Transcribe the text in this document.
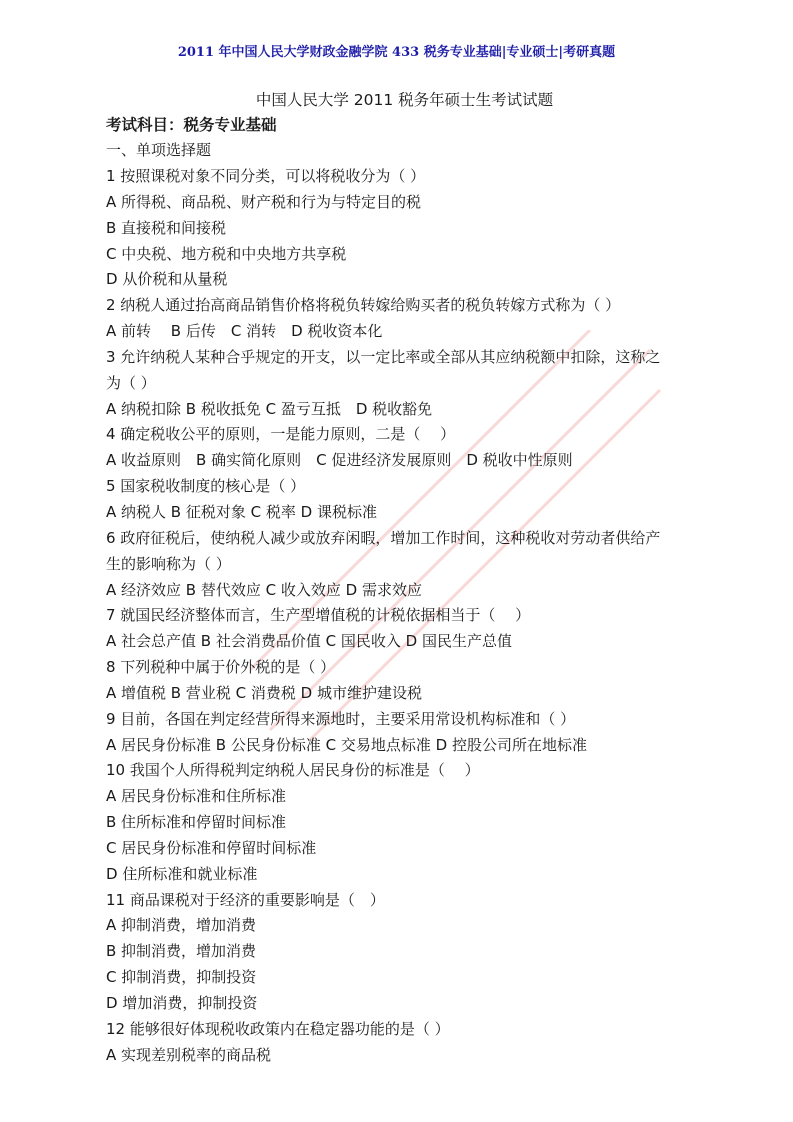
2011 年中国人民大学财政金融学院 433 税务专业基础|专业硕士|考研真题
中国人民大学 2011 税务年硕士生考试试题
考试科目：税务专业基础
一、单项选择题
1 按照课税对象不同分类，可以将税收分为（ ）
A 所得税、商品税、财产税和行为与特定目的税
B 直接税和间接税
C 中央税、地方税和中央地方共享税
D 从价税和从量税
2 纳税人通过抬高商品销售价格将税负转嫁给购买者的税负转嫁方式称为（ ）
A 前转　 B 后传　C 消转　D 税收资本化
3 允许纳税人某种合乎规定的开支，以一定比率或全部从其应纳税额中扣除，这称之
为（ ）
A 纳税扣除 B 税收抵免 C 盈亏互抵　D 税收豁免
4 确定税收公平的原则，一是能力原则，二是（　 ）
A 收益原则　B 确实简化原则　C 促进经济发展原则　D 税收中性原则
5 国家税收制度的核心是（ ）
A 纳税人 B 征税对象 C 税率 D 课税标准
6 政府征税后，使纳税人减少或放弃闲暇，增加工作时间，这种税收对劳动者供给产
生的影响称为（ ）
A 经济效应 B 替代效应 C 收入效应 D 需求效应
7 就国民经济整体而言，生产型增值税的计税依据相当于（　 ）
A 社会总产值 B 社会消费品价值 C 国民收入 D 国民生产总值
8 下列税种中属于价外税的是（ ）
A 增值税 B 营业税 C 消费税 D 城市维护建设税
9 目前，各国在判定经营所得来源地时，主要采用常设机构标准和（ ）
A 居民身份标准 B 公民身份标准 C 交易地点标准 D 控股公司所在地标准
10 我国个人所得税判定纳税人居民身份的标准是（　 ）
A 居民身份标准和住所标准
B 住所标准和停留时间标准
C 居民身份标准和停留时间标准
D 住所标准和就业标准
11 商品课税对于经济的重要影响是（　）
A 抑制消费，增加消费
B 抑制消费，增加消费
C 抑制消费，抑制投资
D 增加消费，抑制投资
12 能够很好体现税收政策内在稳定器功能的是（ ）
A 实现差别税率的商品税
